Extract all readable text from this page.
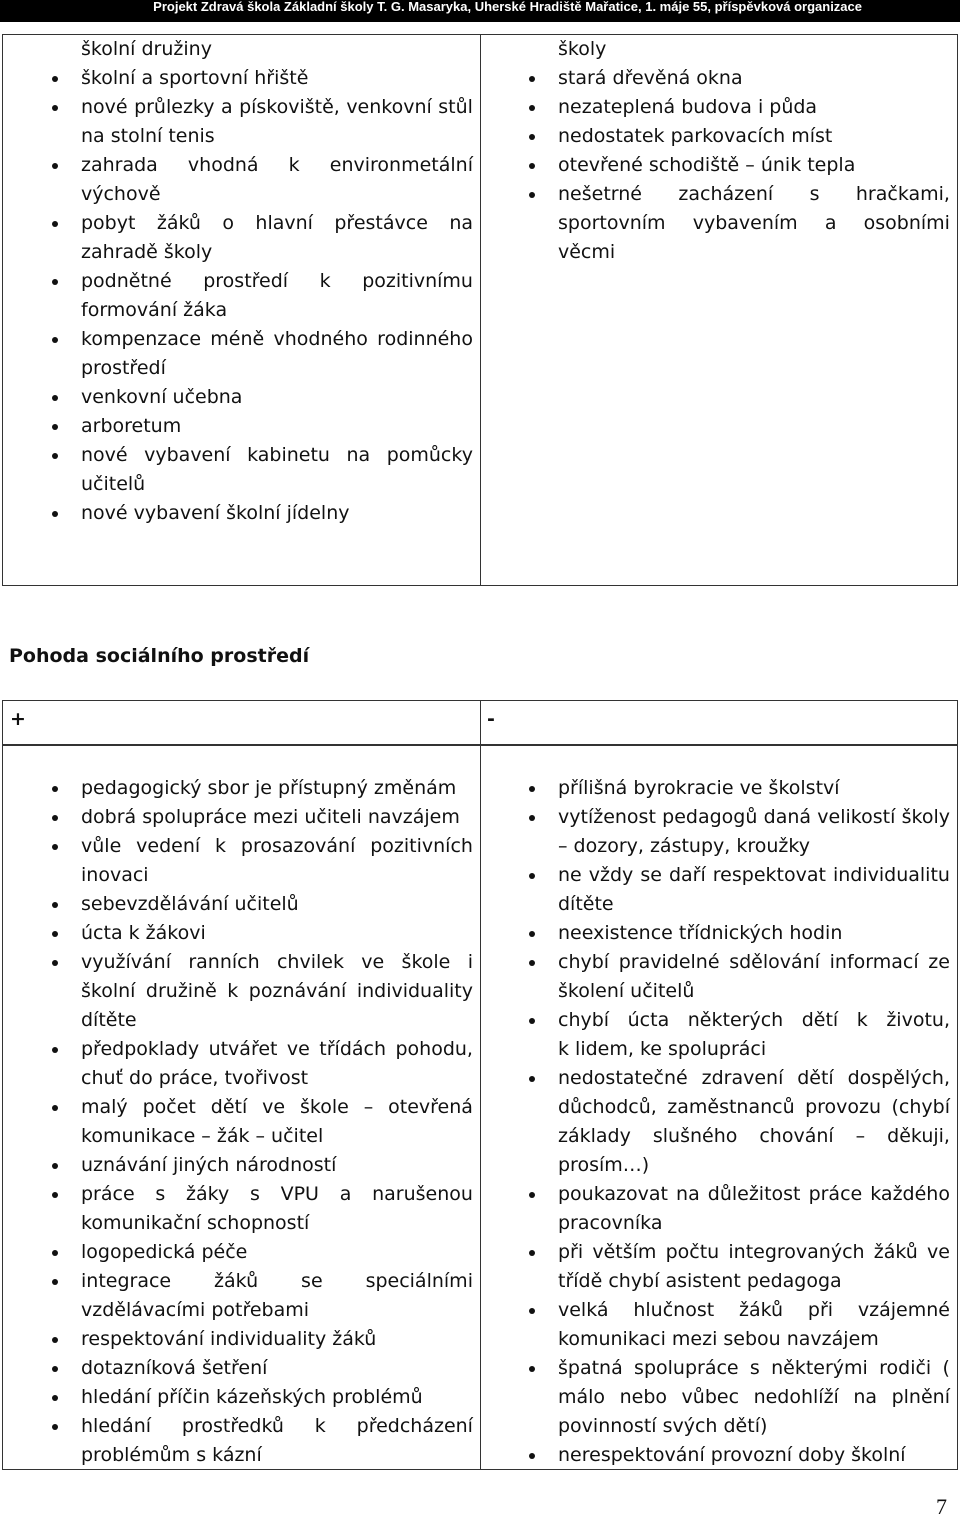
Projekt Zdravá škola Základní školy T. G. Masaryka, Uherské Hradiště Mařatice, 1. máje 55, příspěvková organizace
školní družiny
školní a sportovní hřiště
nové průlezky a pískoviště, venkovní stůl
na stolní tenis
zahrada vhodná k environmetální
výchově
pobyt žáků o hlavní přestávce na
zahradě školy
podnětné prostředí k pozitivnímu
formování žáka
kompenzace méně vhodného rodinného
prostředí
venkovní učebna
arboretum
nové vybavení kabinetu na pomůcky
učitelů
nové vybavení školní jídelny
školy
stará dřevěná okna
nezateplená budova i půda
nedostatek parkovacích míst
otevřené schodiště – únik tepla
nešetrné zacházení s hračkami,
sportovním vybavením a osobními
věcmi
Pohoda sociálního prostředí
+	-
pedagogický sbor je přístupný změnám
dobrá spolupráce mezi učiteli navzájem
vůle vedení k prosazování pozitivních
inovaci
sebevzdělávání učitelů
úcta k žákovi
využívání ranních chvilek ve škole i
školní družině k poznávání individuality
dítěte
předpoklady utvářet ve třídách pohodu,
chuť do práce, tvořivost
malý počet dětí ve škole – otevřená
komunikace – žák – učitel
uznávání jiných národností
práce s žáky s VPU a narušenou
komunikační schopností
logopedická péče
integrace žáků se speciálními
vzdělávacími potřebami
respektování individuality žáků
dotazníková šetření
hledání příčin kázeňských problémů
hledání prostředků k předcházení
problémům s kázní
přílišná byrokracie ve školství
vytíženost pedagogů daná velikostí školy
– dozory, zástupy, kroužky
ne vždy se daří respektovat individualitu
dítěte
neexistence třídnických hodin
chybí pravidelné sdělování informací ze
školení učitelů
chybí úcta některých dětí k životu,
k lidem, ke spolupráci
nedostatečné zdravení dětí dospělých,
důchodců, zaměstnanců provozu (chybí
základy slušného chování – děkuji,
prosím…)
poukazovat na důležitost práce každého
pracovníka
při větším počtu integrovaných žáků ve
třídě chybí asistent pedagoga
velká hlučnost žáků při vzájemné
komunikaci mezi sebou navzájem
špatná spolupráce s některými rodiči (
málo nebo vůbec nedohlíží na plnění
povinností svých dětí)
nerespektování provozní doby školní
7
